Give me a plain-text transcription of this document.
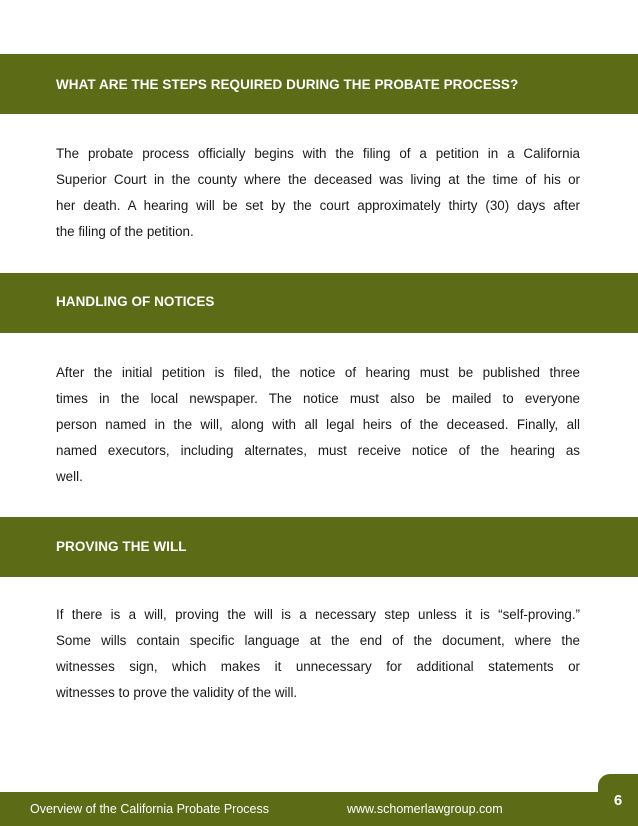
WHAT ARE THE STEPS REQUIRED DURING THE PROBATE PROCESS?
The probate process officially begins with the filing of a petition in a California
Superior Court in the county where the deceased was living at the time of his or
her death. A hearing will be set by the court approximately thirty (30) days after
the filing of the petition.
HANDLING OF NOTICES
After the initial petition is filed, the notice of hearing must be published three
times in the local newspaper. The notice must also be mailed to everyone
person named in the will, along with all legal heirs of the deceased. Finally, all
named executors, including alternates, must receive notice of the hearing as
well.
PROVING THE WILL
If there is a will, proving the will is a necessary step unless it is “self-proving.”
Some wills contain specific language at the end of the document, where the
witnesses sign, which makes it unnecessary for additional statements or
witnesses to prove the validity of the will.
Overview of the California Probate Process	www.schomerlawgroup.com	6
